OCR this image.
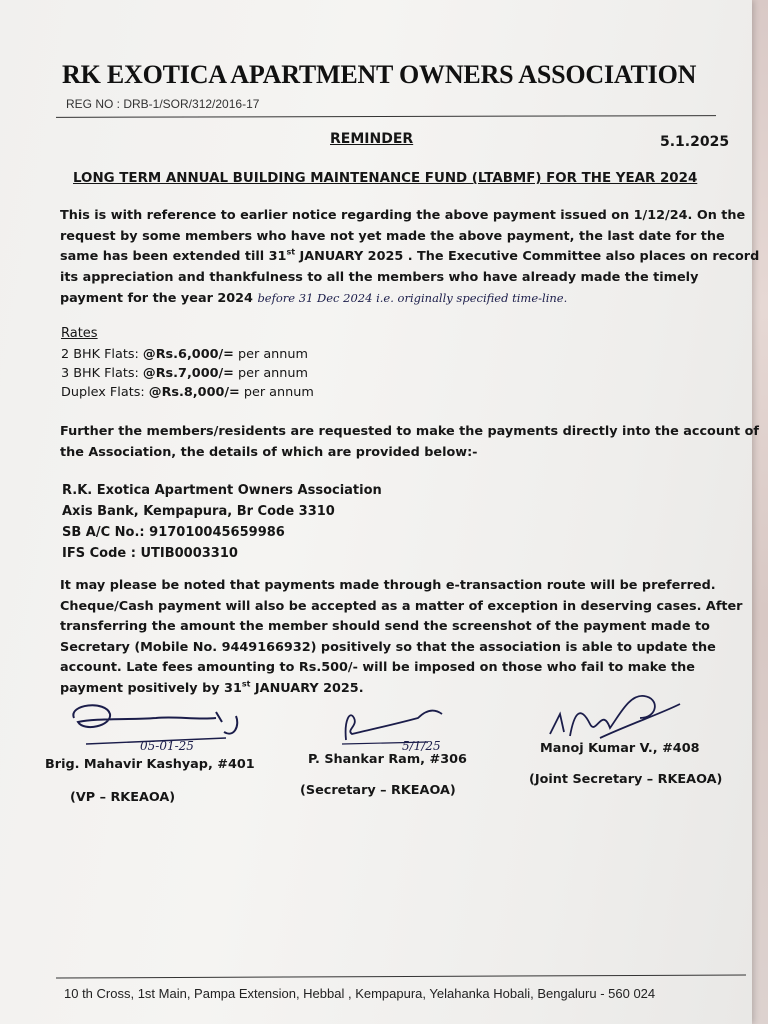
RK EXOTICA APARTMENT OWNERS ASSOCIATION
REG NO : DRB-1/SOR/312/2016-17
REMINDER	5.1.2025
LONG TERM ANNUAL BUILDING MAINTENANCE FUND (LTABMF) FOR THE YEAR 2024
This is with reference to earlier notice regarding the above payment issued on 1/12/24. On the
request by some members who have not yet made the above payment, the last date for the
same has been extended till 31st JANUARY 2025 . The Executive Committee also places on record
its appreciation and thankfulness to all the members who have already made the timely
payment for the year 2024 before 31 Dec 2024 i.e. originally specified time-line.
Rates
2 BHK Flats: @Rs.6,000/= per annum
3 BHK Flats: @Rs.7,000/= per annum
Duplex Flats: @Rs.8,000/= per annum
Further the members/residents are requested to make the payments directly into the account of
the Association, the details of which are provided below:-
R.K. Exotica Apartment Owners Association
Axis Bank, Kempapura, Br Code 3310
SB A/C No.: 917010045659986
IFS Code : UTIB0003310
It may please be noted that payments made through e-transaction route will be preferred.
Cheque/Cash payment will also be accepted as a matter of exception in deserving cases. After
transferring the amount the member should send the screenshot of the payment made to
Secretary (Mobile No. 9449166932) positively so that the association is able to update the
account. Late fees amounting to Rs.500/- will be imposed on those who fail to make the
payment positively by 31st JANUARY 2025.
05-01-25	5/1/25
Brig. Mahavir Kashyap, #401
(VP – RKEAOA)
P. Shankar Ram, #306
(Secretary – RKEAOA)
Manoj Kumar V., #408
(Joint Secretary – RKEAOA)
10 th Cross, 1st Main, Pampa Extension, Hebbal , Kempapura, Yelahanka Hobali, Bengaluru - 560 024
